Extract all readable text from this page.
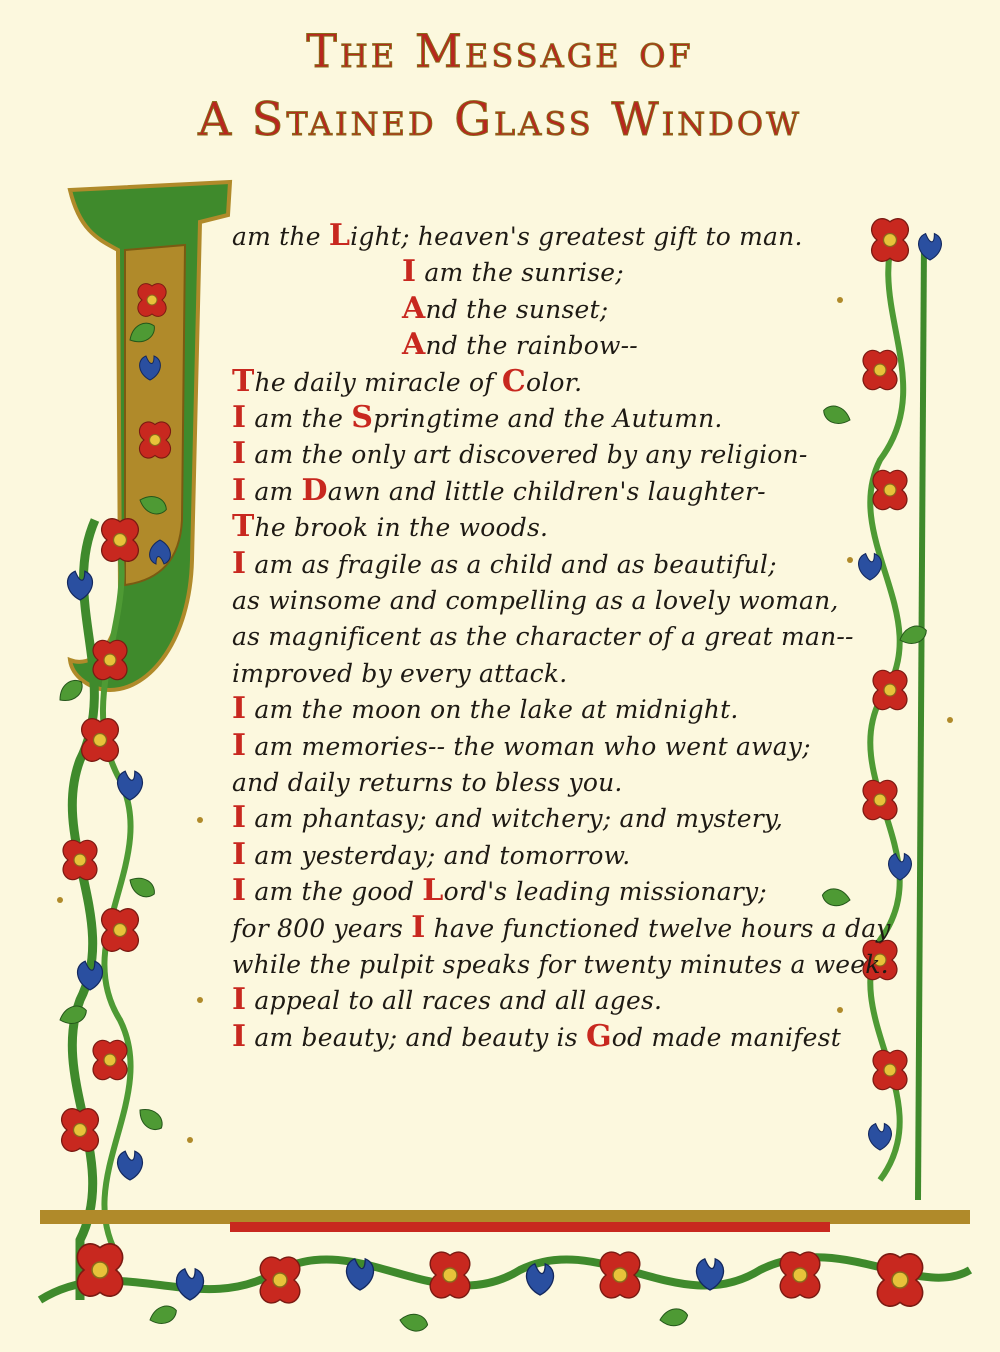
The Message of
A Stained Glass Window
am the Light; heaven's greatest gift to man.
I am the sunrise;
And the sunset;
And the rainbow--
The daily miracle of Color.
I am the Springtime and the Autumn.
I am the only art discovered by any religion-
I am Dawn and little children's laughter-
The brook in the woods.
I am as fragile as a child and as beautiful;
as winsome and compelling as a lovely woman,
as magnificent as the character of a great man--
improved by every attack.
I am the moon on the lake at midnight.
I am memories-- the woman who went away;
and daily returns to bless you.
I am phantasy; and witchery; and mystery,
I am yesterday; and tomorrow.
I am the good Lord's leading missionary;
for 800 years I have functioned twelve hours a day
while the pulpit speaks for twenty minutes a week.
I appeal to all races and all ages.
I am beauty; and beauty is God made manifest
